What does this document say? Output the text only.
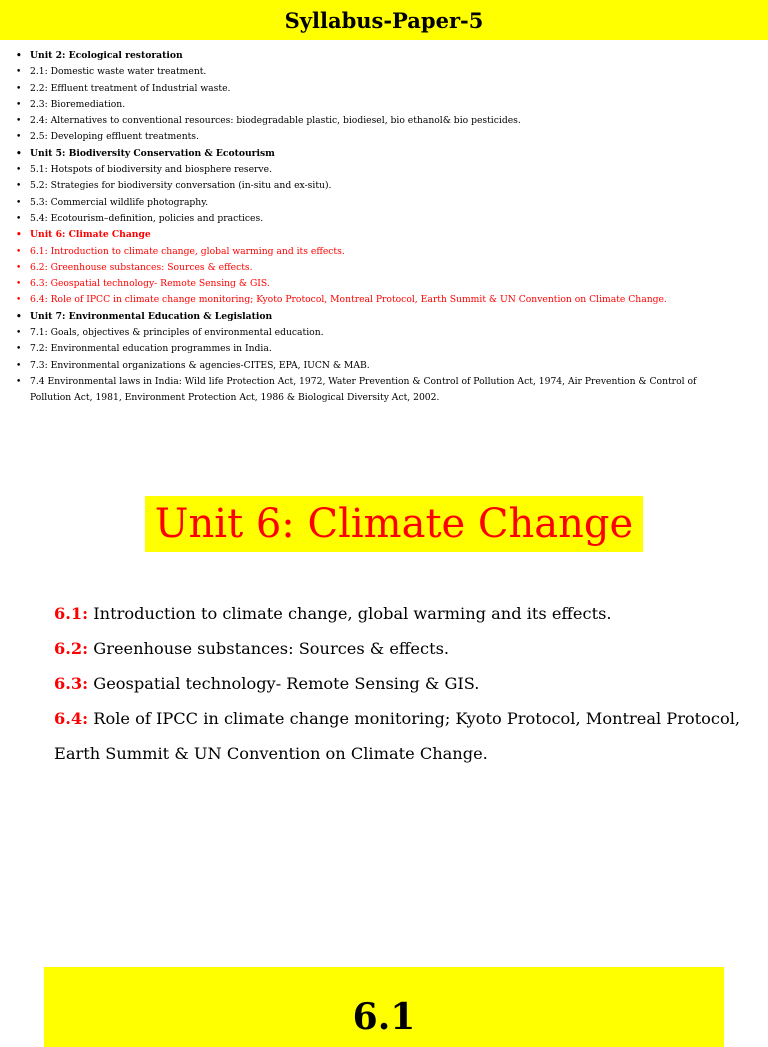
Syllabus-Paper-5
• Unit 2: Ecological restoration
• 2.1: Domestic waste water treatment.
• 2.2: Effluent treatment of Industrial waste.
• 2.3: Bioremediation.
• 2.4: Alternatives to conventional resources: biodegradable plastic, biodiesel, bio ethanol& bio pesticides.
• 2.5: Developing effluent treatments.
• Unit 5: Biodiversity Conservation & Ecotourism
• 5.1: Hotspots of biodiversity and biosphere reserve.
• 5.2: Strategies for biodiversity conversation (in-situ and ex-situ).
• 5.3: Commercial wildlife photography.
• 5.4: Ecotourism–definition, policies and practices.
• Unit 6: Climate Change
• 6.1: Introduction to climate change, global warming and its effects.
• 6.2: Greenhouse substances: Sources & effects.
• 6.3: Geospatial technology- Remote Sensing & GIS.
• 6.4: Role of IPCC in climate change monitoring; Kyoto Protocol, Montreal Protocol, Earth Summit & UN Convention on Climate Change.
• Unit 7: Environmental Education & Legislation
• 7.1: Goals, objectives & principles of environmental education.
• 7.2: Environmental education programmes in India.
• 7.3: Environmental organizations & agencies-CITES, EPA, IUCN & MAB.
• 7.4 Environmental laws in India: Wild life Protection Act, 1972, Water Prevention & Control of Pollution Act, 1974, Air Prevention & Control of Pollution Act, 1981, Environment Protection Act, 1986 & Biological Diversity Act, 2002.
Unit 6: Climate Change
6.1: Introduction to climate change, global warming and its effects.
6.2: Greenhouse substances: Sources & effects.
6.3: Geospatial technology- Remote Sensing & GIS.
6.4: Role of IPCC in climate change monitoring; Kyoto Protocol, Montreal Protocol, Earth Summit & UN Convention on Climate Change.
6.1
